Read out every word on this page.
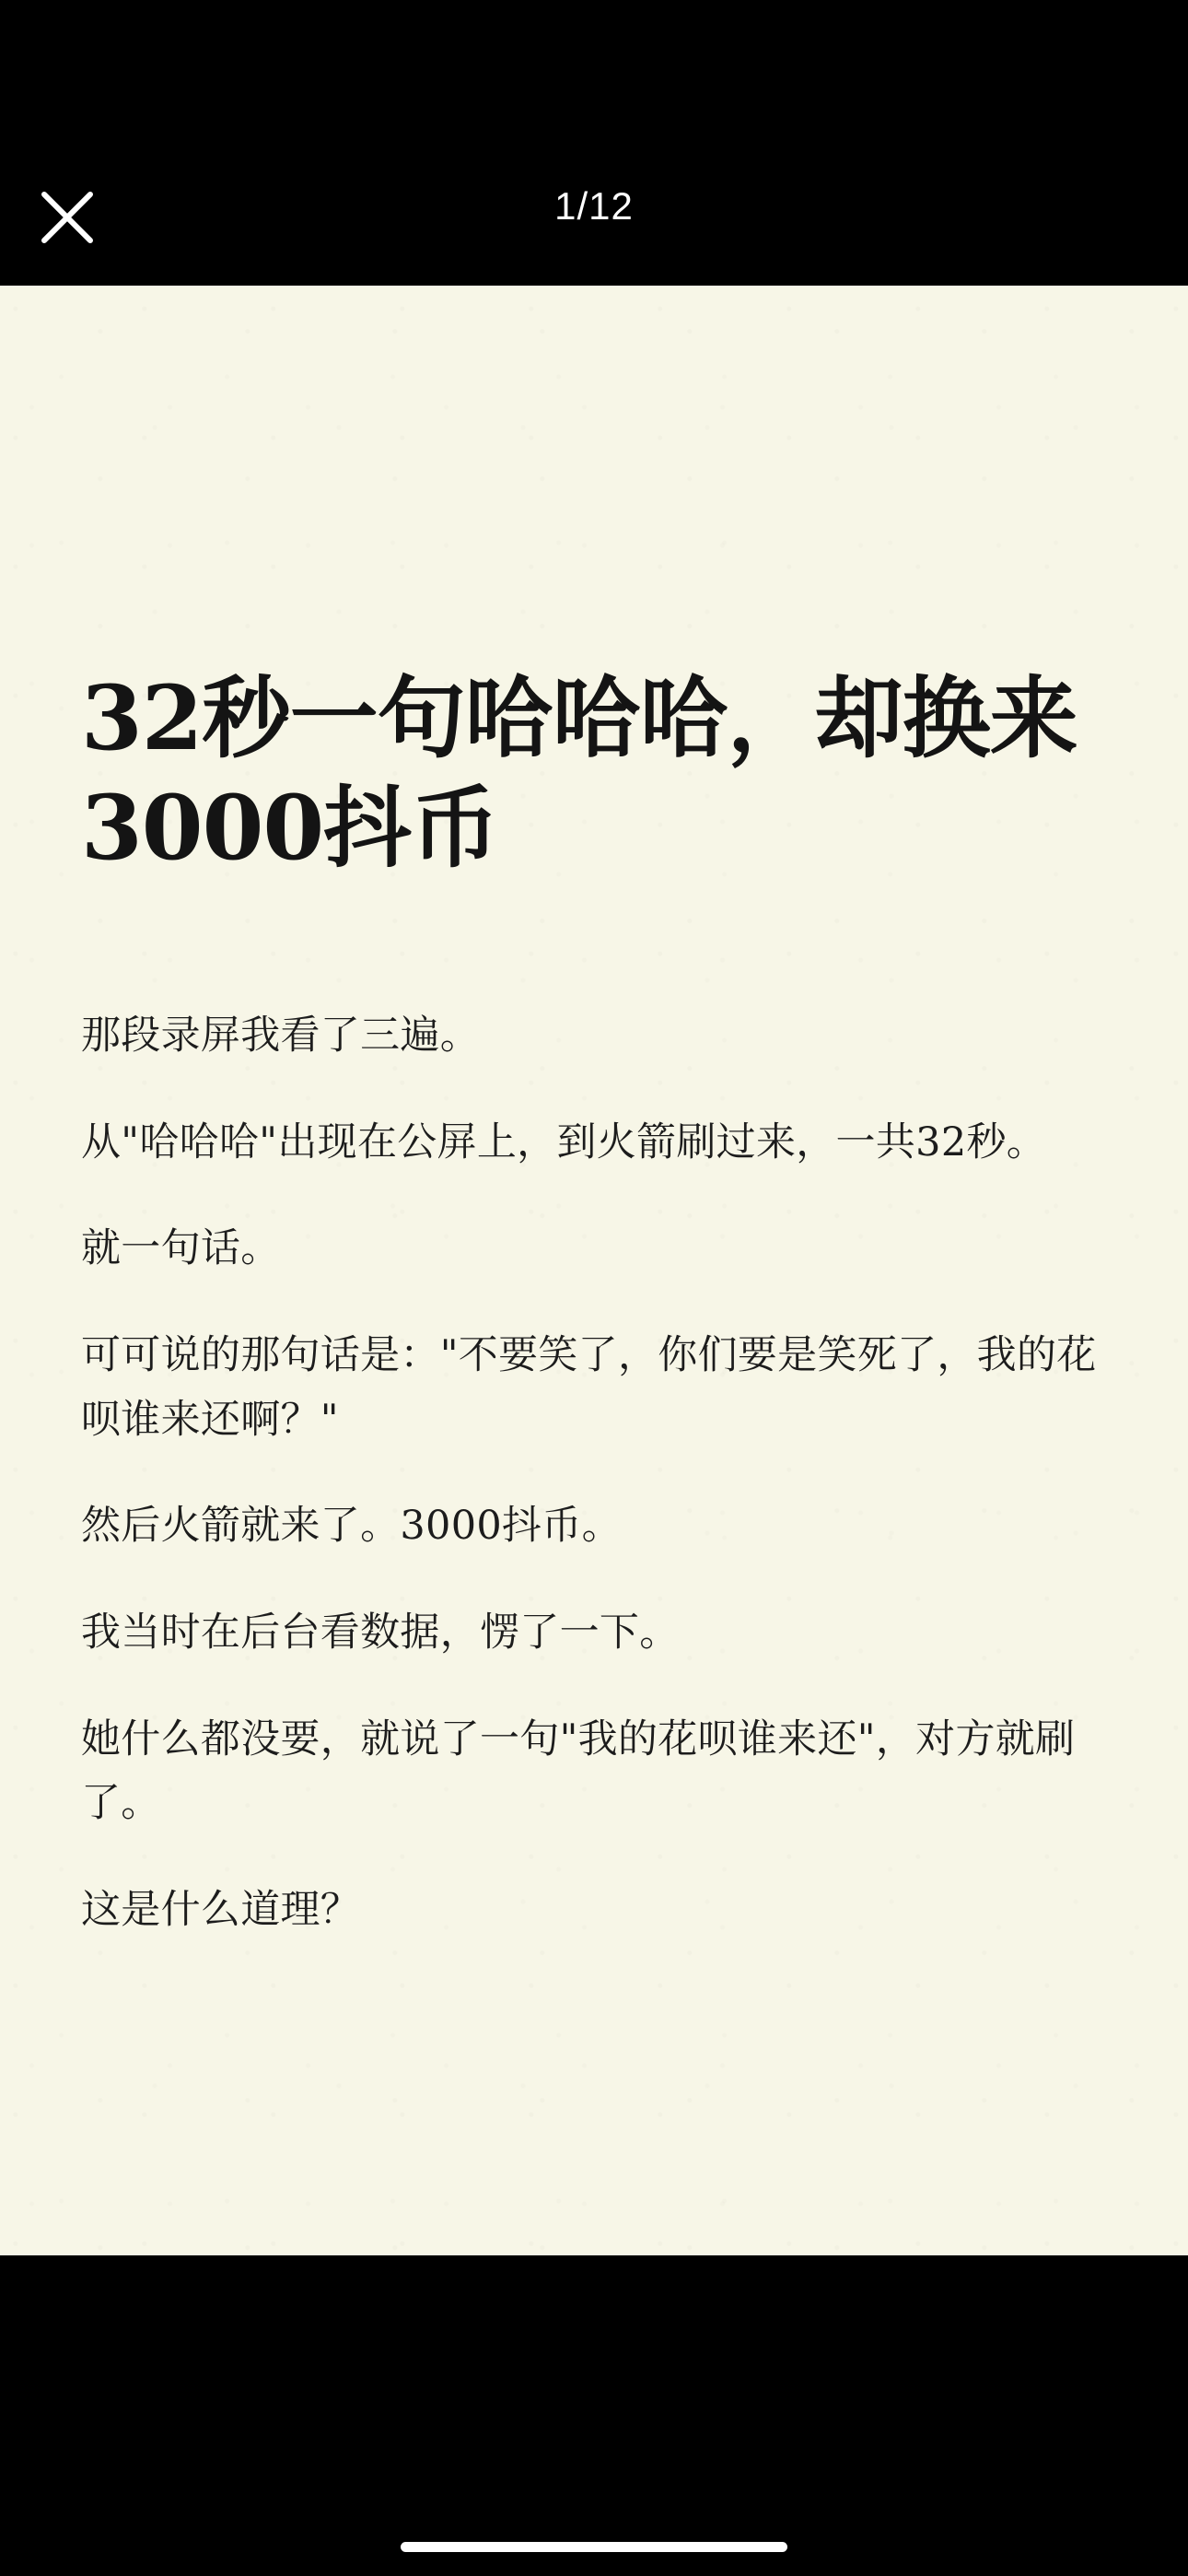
1/12
32秒一句哈哈哈，却换来3000抖币

那段录屏我看了三遍。

从"哈哈哈"出现在公屏上，到火箭刷过来，一共32秒。

就一句话。

可可说的那句话是："不要笑了，你们要是笑死了，我的花呗谁来还啊？"

然后火箭就来了。3000抖币。

我当时在后台看数据，愣了一下。

她什么都没要，就说了一句"我的花呗谁来还"，对方就刷了。

这是什么道理？
